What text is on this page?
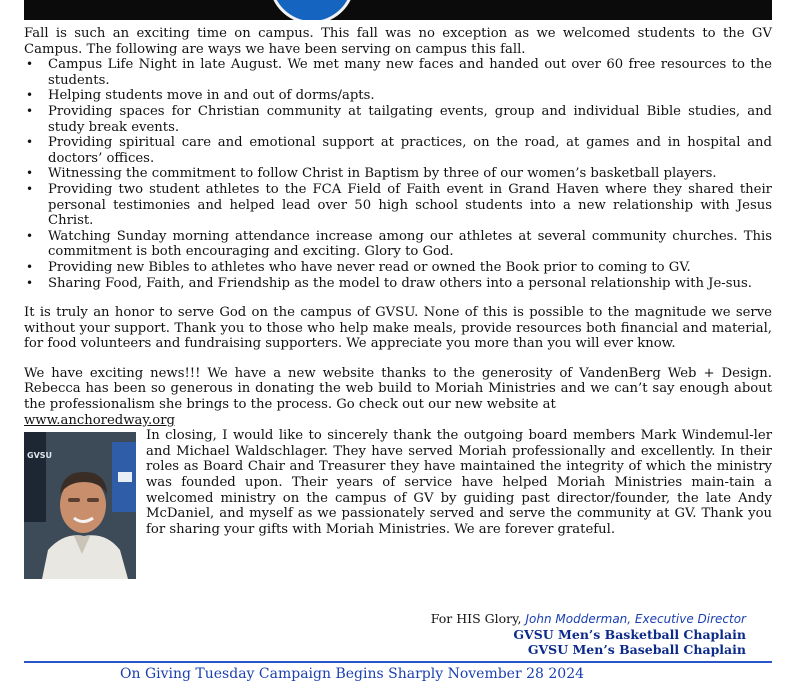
Fall is such an exciting time on campus. This fall was no exception as we welcomed students to the GV Campus. The following are ways we have been serving on campus this fall.

• Campus Life Night in late August. We met many new faces and handed out over 60 free resources to the students.
• Helping students move in and out of dorms/apts.
• Providing spaces for Christian community at tailgating events, group and individual Bible studies, and study break events.
• Providing spiritual care and emotional support at practices, on the road, at games and in hospital and doctors’ offices.
• Witnessing the commitment to follow Christ in Baptism by three of our women’s basketball players.
• Providing two student athletes to the FCA Field of Faith event in Grand Haven where they shared their personal testimonies and helped lead over 50 high school students into a new relationship with Jesus Christ.
• Watching Sunday morning attendance increase among our athletes at several community churches. This commitment is both encouraging and exciting. Glory to God.
• Providing new Bibles to athletes who have never read or owned the Book prior to coming to GV.
• Sharing Food, Faith, and Friendship as the model to draw others into a personal relationship with Je-sus.

It is truly an honor to serve God on the campus of GVSU. None of this is possible to the magnitude we serve without your support. Thank you to those who help make meals, provide resources both financial and material, for food volunteers and fundraising supporters. We appreciate you more than you will ever know.

We have exciting news!!! We have a new website thanks to the generosity of VandenBerg Web + Design. Rebecca has been so generous in donating the web build to Moriah Ministries and we can’t say enough about the professionalism she brings to the process. Go check out our new website at
www.anchoredway.org

GVSU

In closing, I would like to sincerely thank the outgoing board members Mark Windemul-ler and Michael Waldschlager. They have served Moriah professionally and excellently. In their roles as Board Chair and Treasurer they have maintained the integrity of which the ministry was founded upon. Their years of service have helped Moriah Ministries main-tain a welcomed ministry on the campus of GV by guiding past director/founder, the late Andy McDaniel, and myself as we passionately served and serve the community at GV. Thank you for sharing your gifts with Moriah Ministries. We are forever grateful.

For HIS Glory, John Modderman, Executive Director
GVSU Men’s Basketball Chaplain
GVSU Men’s Baseball Chaplain
On Giving Tuesday Campaign Begins Sharply November 28 2024
